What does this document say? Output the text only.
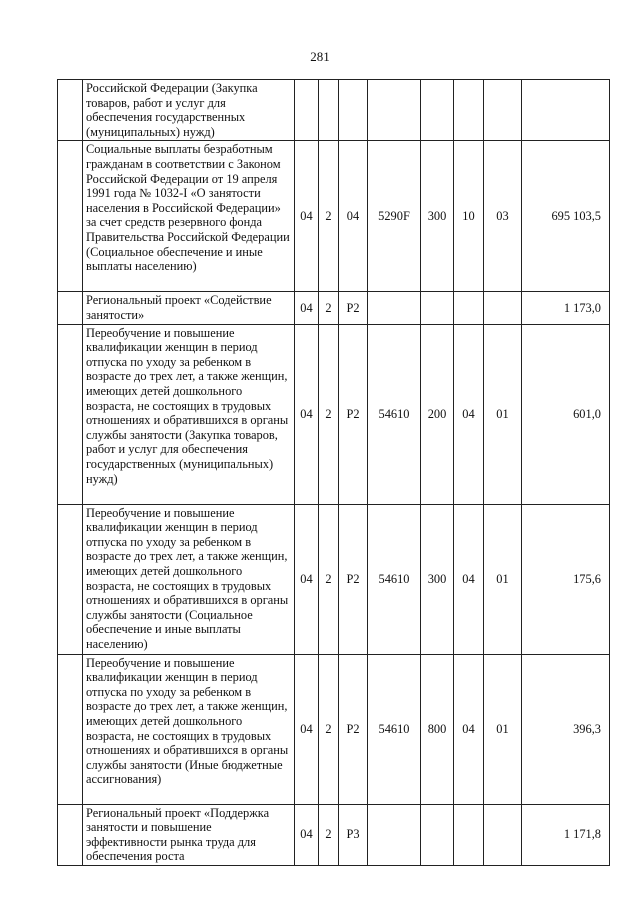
281
	Российской Федерации (Закупка товаров, работ и услуг для обеспечения государственных (муниципальных) нужд)								
	Социальные выплаты безработным гражданам в соответствии с Законом Российской Федерации от 19 апреля 1991 года № 1032-I «О занятости населения в Российской Федерации» за счет средств резервного фонда Правительства Российской Федерации (Социальное обеспечение и иные выплаты населению)	04	2	04	5290F	300	10	03	695 103,5
	Региональный проект «Содействие занятости»	04	2	P2					1 173,0
	Переобучение и повышение квалификации женщин в период отпуска по уходу за ребенком в возрасте до трех лет, а также женщин, имеющих детей дошкольного возраста, не состоящих в трудовых отношениях и обратившихся в органы службы занятости (Закупка товаров, работ и услуг для обеспечения государственных (муниципальных) нужд)	04	2	P2	54610	200	04	01	601,0
	Переобучение и повышение квалификации женщин в период отпуска по уходу за ребенком в возрасте до трех лет, а также женщин, имеющих детей дошкольного возраста, не состоящих в трудовых отношениях и обратившихся в органы службы занятости (Социальное обеспечение и иные выплаты населению)	04	2	P2	54610	300	04	01	175,6
	Переобучение и повышение квалификации женщин в период отпуска по уходу за ребенком в возрасте до трех лет, а также женщин, имеющих детей дошкольного возраста, не состоящих в трудовых отношениях и обратившихся в органы службы занятости (Иные бюджетные ассигнования)	04	2	P2	54610	800	04	01	396,3
	Региональный проект «Поддержка занятости и повышение эффективности рынка труда для обеспечения роста	04	2	P3					1 171,8
